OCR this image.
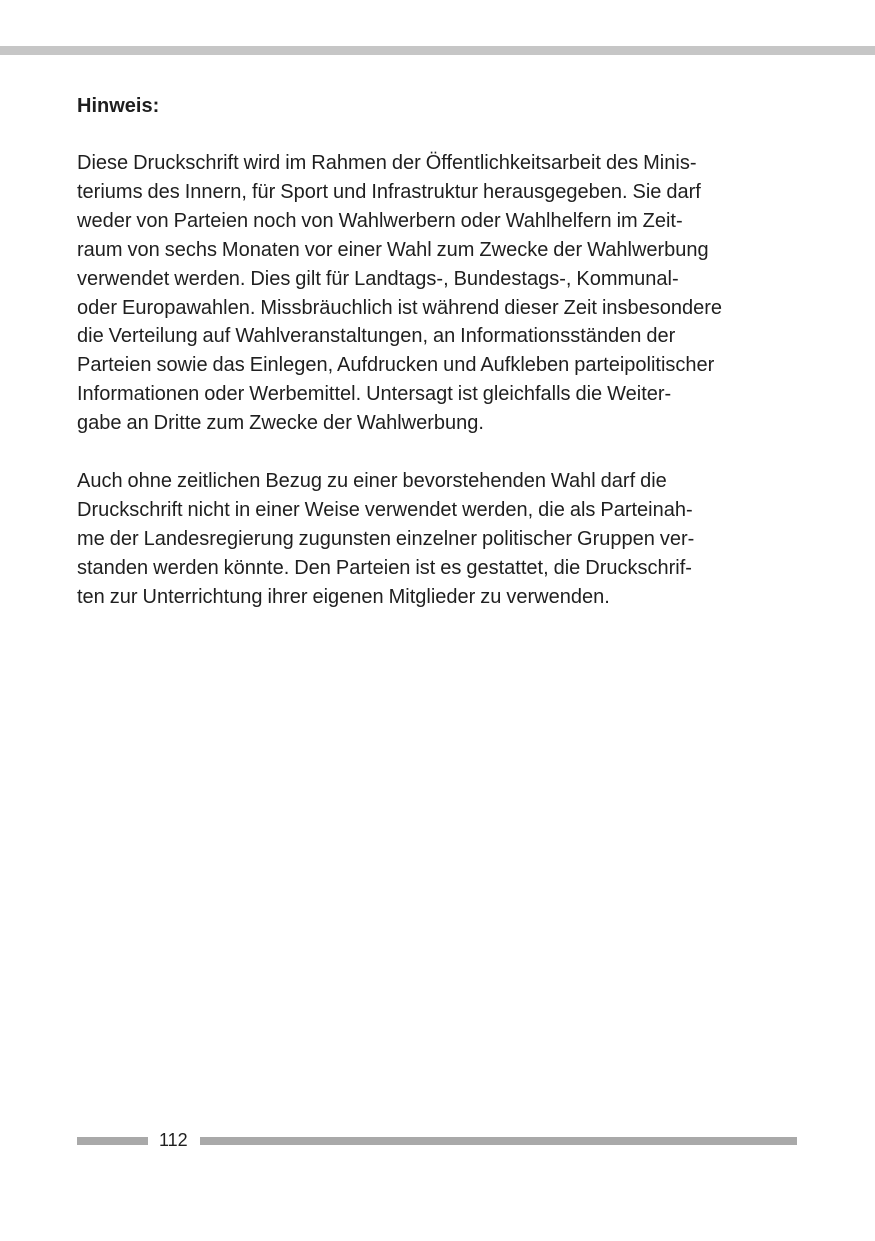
Hinweis:
Diese Druckschrift wird im Rahmen der Öffentlichkeitsarbeit des Minis-
teriums des Innern, für Sport und Infrastruktur herausgegeben. Sie darf
weder von Parteien noch von Wahlwerbern oder Wahlhelfern im Zeit-
raum von sechs Monaten vor einer Wahl zum Zwecke der Wahlwerbung
verwendet werden. Dies gilt für Landtags-, Bundestags-, Kommunal-
oder Europawahlen. Missbräuchlich ist während dieser Zeit insbesondere
die Verteilung auf Wahlveranstaltungen, an Informationsständen der
Parteien sowie das Einlegen, Aufdrucken und Aufkleben parteipolitischer
Informationen oder Werbemittel. Untersagt ist gleichfalls die Weiter-
gabe an Dritte zum Zwecke der Wahlwerbung.
Auch ohne zeitlichen Bezug zu einer bevorstehenden Wahl darf die
Druckschrift nicht in einer Weise verwendet werden, die als Parteinah-
me der Landesregierung zugunsten einzelner politischer Gruppen ver-
standen werden könnte. Den Parteien ist es gestattet, die Druckschrif-
ten zur Unterrichtung ihrer eigenen Mitglieder zu verwenden.
112
